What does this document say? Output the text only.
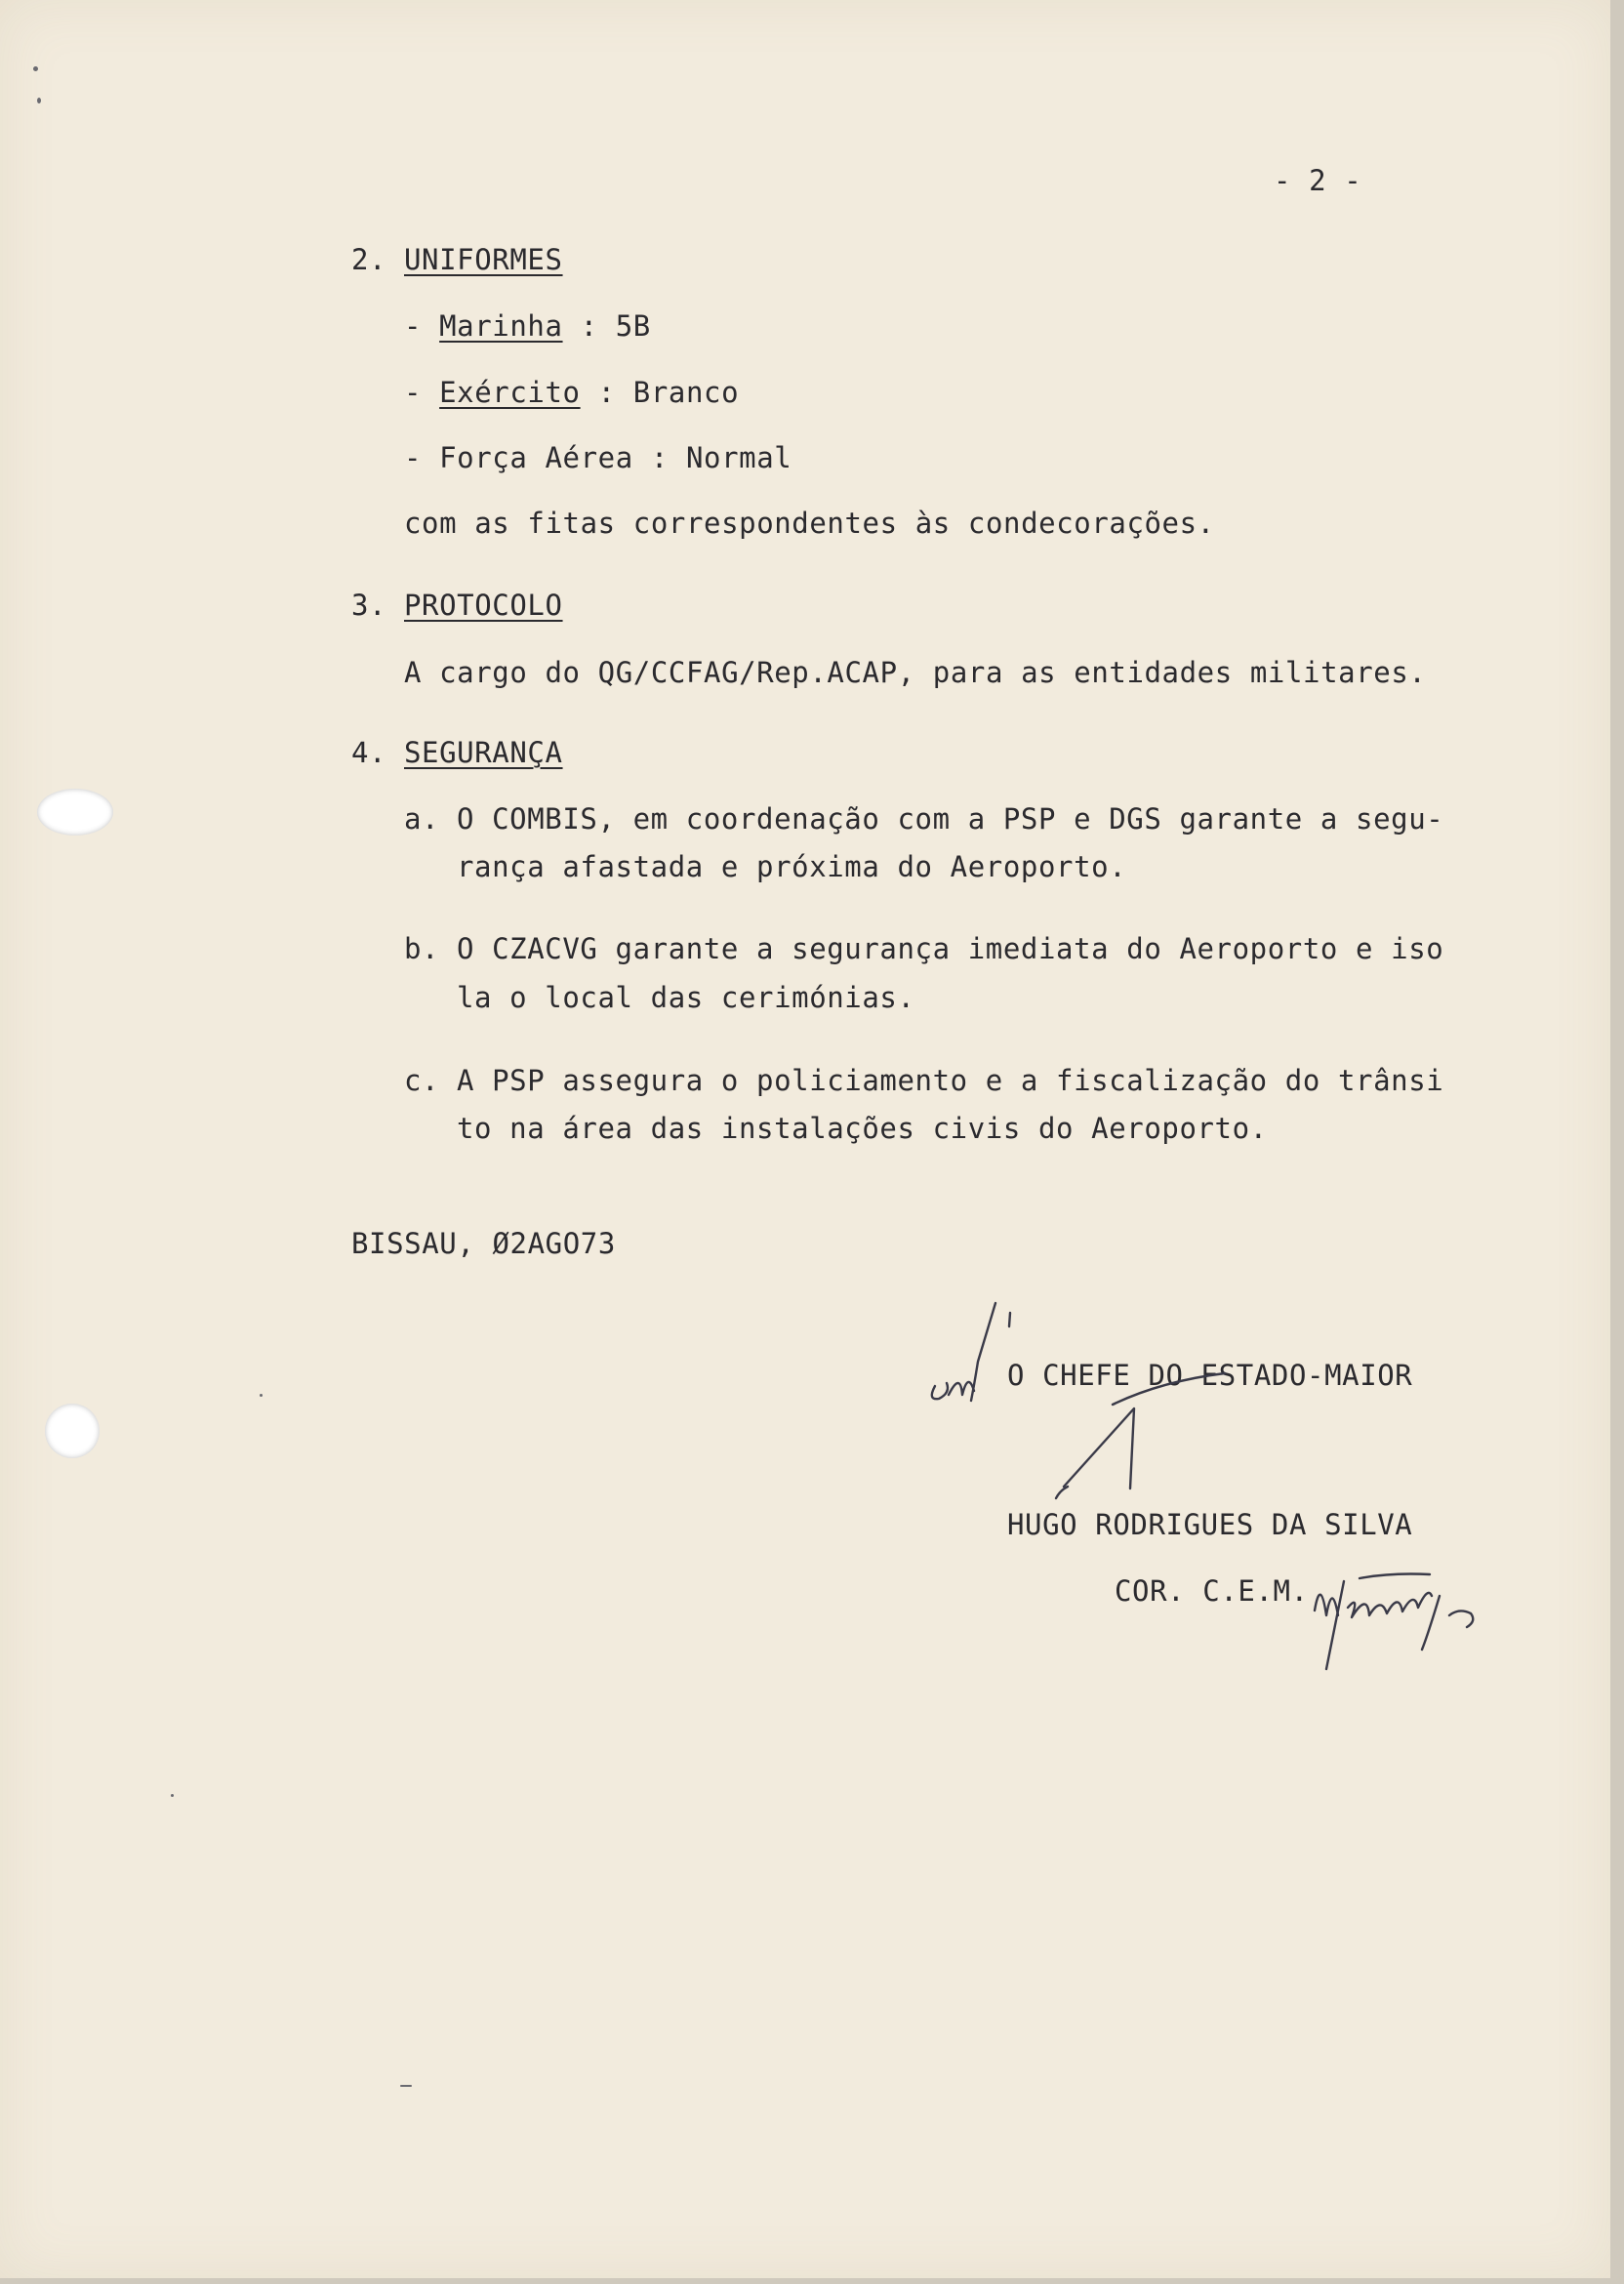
- 2 -
2. UNIFORMES
- Marinha : 5B
- Exército : Branco
- Força Aérea : Normal
com as fitas correspondentes às condecorações.
3. PROTOCOLO
A cargo do QG/CCFAG/Rep.ACAP, para as entidades militares.
4. SEGURANÇA
a. O COMBIS, em coordenação com a PSP e DGS garante a segu-
rança afastada e próxima do Aeroporto.
b. O CZACVG garante a segurança imediata do Aeroporto e iso
la o local das cerimónias.
c. A PSP assegura o policiamento e a fiscalização do trânsi
to na área das instalações civis do Aeroporto.
BISSAU, Ø2AGO73
O CHEFE DO ESTADO-MAIOR
HUGO RODRIGUES DA SILVA
COR. C.E.M.
